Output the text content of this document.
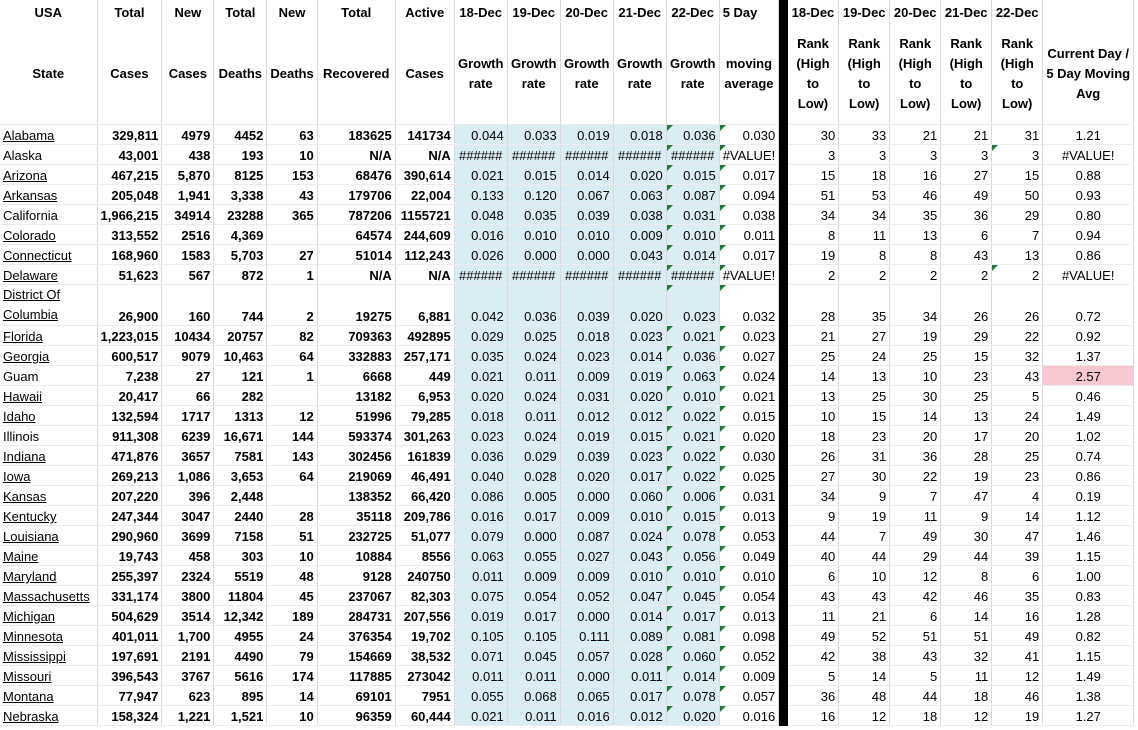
USA	Total	New	Total	New	Total	Active	18-Dec	19-Dec	20-Dec	21-Dec	22-Dec	5 Day		18-Dec	19-Dec	20-Dec	21-Dec	22-Dec	
State	Cases	Cases	Deaths	Deaths	Recovered	Cases	Growth rate	Growth rate	Growth rate	Growth rate	Growth rate	moving average		Rank (High to Low)	Rank (High to Low)	Rank (High to Low)	Rank (High to Low)	Rank (High to Low)	Current Day / 5 Day Moving Avg
Alabama	329,811	4979	4452	63	183625	141734	0.044	0.033	0.019	0.018	0.036	0.030		30	33	21	21	31	1.21
Alaska	43,001	438	193	10	N/A	N/A	######	######	######	######	######	#VALUE!		3	3	3	3	3	#VALUE!
Arizona	467,215	5,870	8125	153	68476	390,614	0.021	0.015	0.014	0.020	0.015	0.017		15	18	16	27	15	0.88
Arkansas	205,048	1,941	3,338	43	179706	22,004	0.133	0.120	0.067	0.063	0.087	0.094		51	53	46	49	50	0.93
California	1,966,215	34914	23288	365	787206	1155721	0.048	0.035	0.039	0.038	0.031	0.038		34	34	35	36	29	0.80
Colorado	313,552	2516	4,369		64574	244,609	0.016	0.010	0.010	0.009	0.010	0.011		8	11	13	6	7	0.94
Connecticut	168,960	1583	5,703	27	51014	112,243	0.026	0.000	0.000	0.043	0.014	0.017		19	8	8	43	13	0.86
Delaware	51,623	567	872	1	N/A	N/A	######	######	######	######	######	#VALUE!		2	2	2	2	2	#VALUE!

District Of Columbia	26,900	160	744	2	19275	6,881	0.042	0.036	0.039	0.020	0.023	0.032		28	35	34	26	26	0.72
Florida	1,223,015	10434	20757	82	709363	492895	0.029	0.025	0.018	0.023	0.021	0.023		21	27	19	29	22	0.92
Georgia	600,517	9079	10,463	64	332883	257,171	0.035	0.024	0.023	0.014	0.036	0.027		25	24	25	15	32	1.37
Guam	7,238	27	121	1	6668	449	0.021	0.011	0.009	0.019	0.063	0.024		14	13	10	23	43	2.57
Hawaii	20,417	66	282		13182	6,953	0.020	0.024	0.031	0.020	0.010	0.021		13	25	30	25	5	0.46
Idaho	132,594	1717	1313	12	51996	79,285	0.018	0.011	0.012	0.012	0.022	0.015		10	15	14	13	24	1.49
Illinois	911,308	6239	16,671	144	593374	301,263	0.023	0.024	0.019	0.015	0.021	0.020		18	23	20	17	20	1.02
Indiana	471,876	3657	7581	143	302456	161839	0.036	0.029	0.039	0.023	0.022	0.030		26	31	36	28	25	0.74
Iowa	269,213	1,086	3,653	64	219069	46,491	0.040	0.028	0.020	0.017	0.022	0.025		27	30	22	19	23	0.86
Kansas	207,220	396	2,448		138352	66,420	0.086	0.005	0.000	0.060	0.006	0.031		34	9	7	47	4	0.19
Kentucky	247,344	3047	2440	28	35118	209,786	0.016	0.017	0.009	0.010	0.015	0.013		9	19	11	9	14	1.12
Louisiana	290,960	3699	7158	51	232725	51,077	0.079	0.000	0.087	0.024	0.078	0.053		44	7	49	30	47	1.46
Maine	19,743	458	303	10	10884	8556	0.063	0.055	0.027	0.043	0.056	0.049		40	44	29	44	39	1.15
Maryland	255,397	2324	5519	48	9128	240750	0.011	0.009	0.009	0.010	0.010	0.010		6	10	12	8	6	1.00
Massachusetts	331,174	3800	11804	45	237067	82,303	0.075	0.054	0.052	0.047	0.045	0.054		43	43	42	46	35	0.83
Michigan	504,629	3514	12,342	189	284731	207,556	0.019	0.017	0.000	0.014	0.017	0.013		11	21	6	14	16	1.28
Minnesota	401,011	1,700	4955	24	376354	19,702	0.105	0.105	0.111	0.089	0.081	0.098		49	52	51	51	49	0.82
Mississippi	197,691	2191	4490	79	154669	38,532	0.071	0.045	0.057	0.028	0.060	0.052		42	38	43	32	41	1.15
Missouri	396,543	3767	5616	174	117885	273042	0.011	0.011	0.000	0.011	0.014	0.009		5	14	5	11	12	1.49
Montana	77,947	623	895	14	69101	7951	0.055	0.068	0.065	0.017	0.078	0.057		36	48	44	18	46	1.38
Nebraska	158,324	1,221	1,521	10	96359	60,444	0.021	0.011	0.016	0.012	0.020	0.016		16	12	18	12	19	1.27
